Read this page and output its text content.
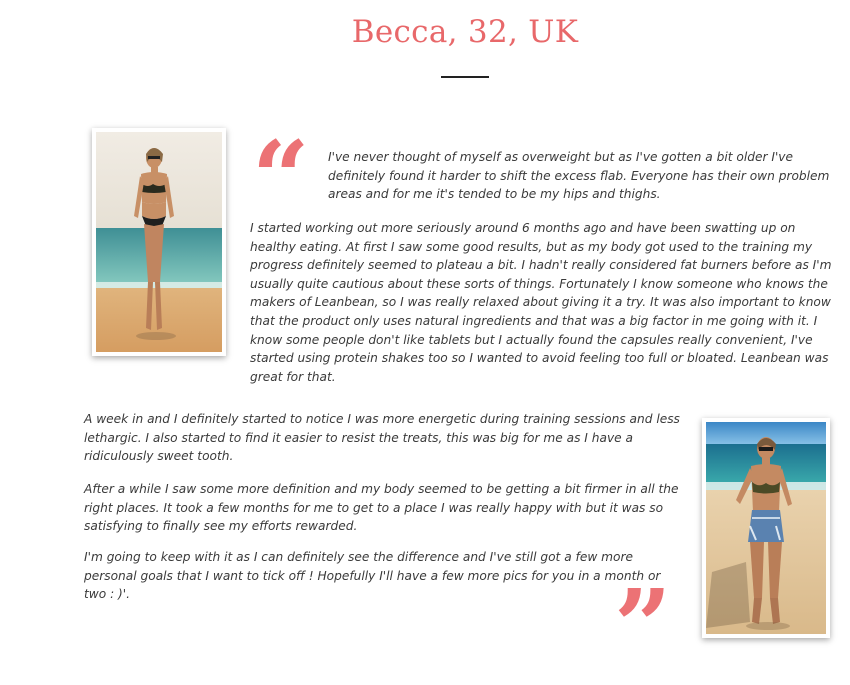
Becca, 32, UK
“ I've never thought of myself as overweight but as I've gotten a bit older I've definitely found it harder to shift the excess flab. Everyone has their own problem areas and for me it's tended to be my hips and thighs.

I started working out more seriously around 6 months ago and have been swatting up on healthy eating. At first I saw some good results, but as my body got used to the training my progress definitely seemed to plateau a bit. I hadn't really considered fat burners before as I'm usually quite cautious about these sorts of things. Fortunately I know someone who knows the makers of Leanbean, so I was really relaxed about giving it a try. It was also important to know that the product only uses natural ingredients and that was a big factor in me going with it. I know some people don't like tablets but I actually found the capsules really convenient, I've started using protein shakes too so I wanted to avoid feeling too full or bloated. Leanbean was great for that.

A week in and I definitely started to notice I was more energetic during training sessions and less lethargic. I also started to find it easier to resist the treats, this was big for me as I have a ridiculously sweet tooth.

After a while I saw some more definition and my body seemed to be getting a bit firmer in all the right places. It took a few months for me to get to a place I was really happy with but it was so satisfying to finally see my efforts rewarded.

I'm going to keep with it as I can definitely see the difference and I've still got a few more personal goals that I want to tick off ! Hopefully I'll have a few more pics for you in a month or two : )'.	”
